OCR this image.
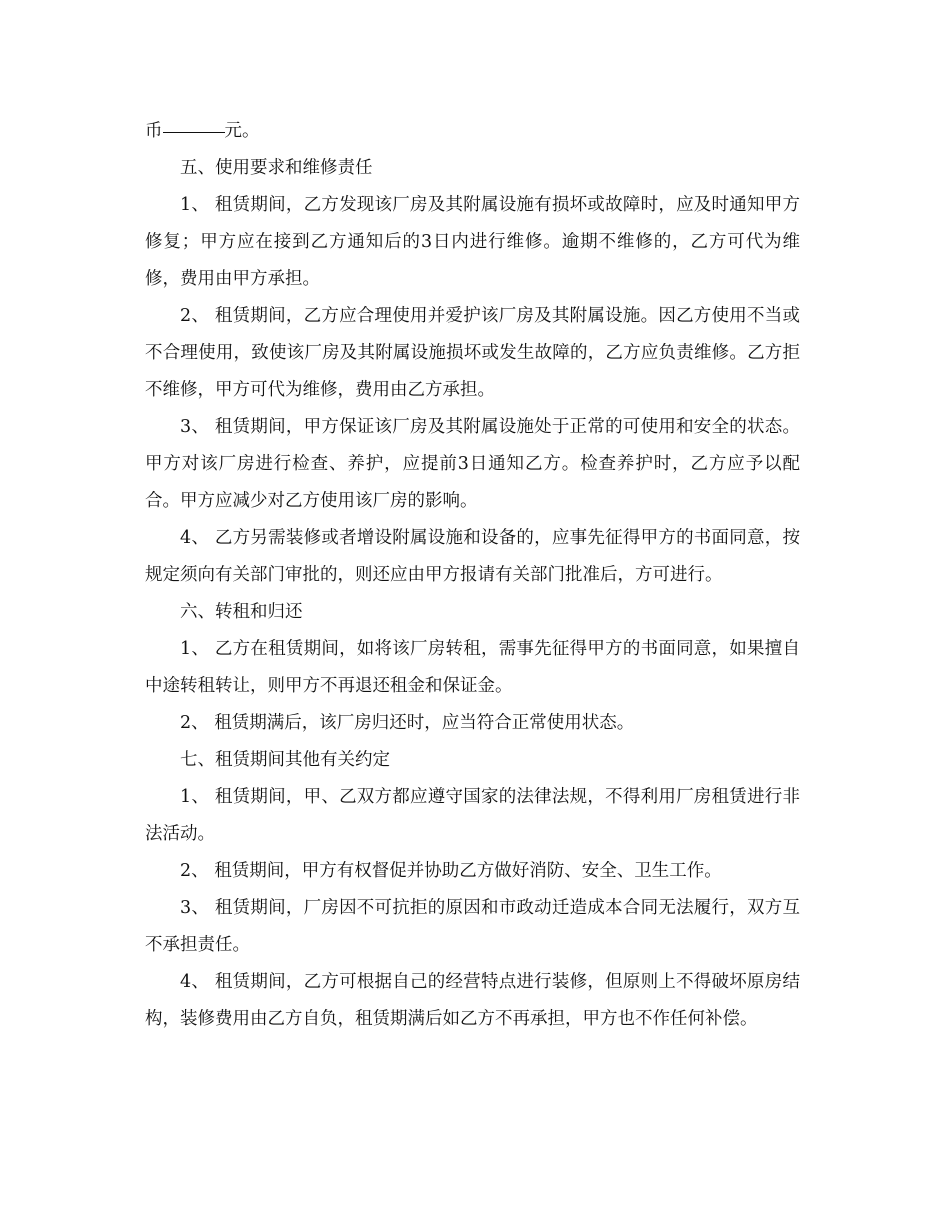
币	元。

五、使用要求和维修责任

1、 租赁期间，乙方发现该厂房及其附属设施有损坏或故障时，应及时通知甲方修复；甲方应在接到乙方通知后的3日内进行维修。逾期不维修的，乙方可代为维修，费用由甲方承担。

2、 租赁期间，乙方应合理使用并爱护该厂房及其附属设施。因乙方使用不当或不合理使用，致使该厂房及其附属设施损坏或发生故障的，乙方应负责维修。乙方拒不维修，甲方可代为维修，费用由乙方承担。

3、 租赁期间，甲方保证该厂房及其附属设施处于正常的可使用和安全的状态。甲方对该厂房进行检查、养护，应提前3日通知乙方。检查养护时，乙方应予以配合。甲方应减少对乙方使用该厂房的影响。

4、 乙方另需装修或者增设附属设施和设备的，应事先征得甲方的书面同意，按规定须向有关部门审批的，则还应由甲方报请有关部门批准后，方可进行。

六、转租和归还

1、 乙方在租赁期间，如将该厂房转租，需事先征得甲方的书面同意，如果擅自中途转租转让，则甲方不再退还租金和保证金。

2、 租赁期满后，该厂房归还时，应当符合正常使用状态。

七、租赁期间其他有关约定

1、 租赁期间，甲、乙双方都应遵守国家的法律法规，不得利用厂房租赁进行非法活动。

2、 租赁期间，甲方有权督促并协助乙方做好消防、安全、卫生工作。

3、 租赁期间，厂房因不可抗拒的原因和市政动迁造成本合同无法履行，双方互不承担责任。

4、 租赁期间，乙方可根据自己的经营特点进行装修，但原则上不得破坏原房结构，装修费用由乙方自负，租赁期满后如乙方不再承担，甲方也不作任何补偿。
